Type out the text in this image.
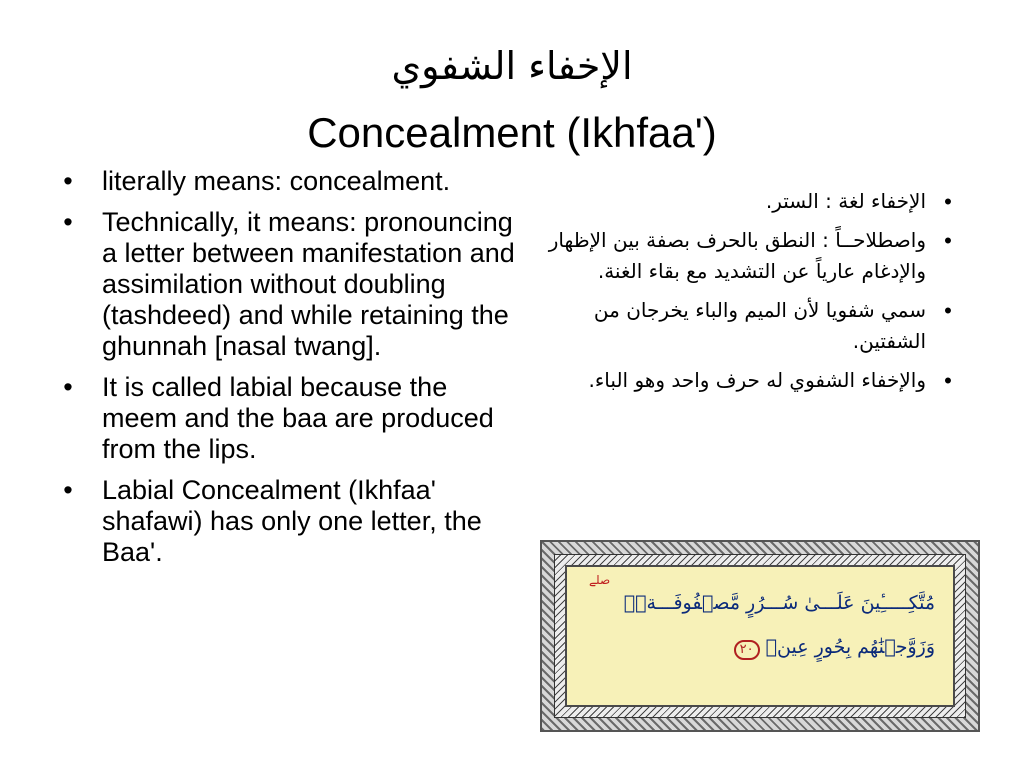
الإخفاء الشفوي
Concealment (Ikhfaa')
• literally means: concealment.
• Technically, it means: pronouncing a letter between manifestation and assimilation without doubling (tashdeed) and while retaining the ghunnah [nasal twang].
• It is called labial because the meem and the baa are produced from the lips.
• Labial Concealment (Ikhfaa' shafawi) has only one letter, the Baa'.
•
الإخفاء لغة : الستر.
•
واصطلاحــاً : النطق بالحرف بصفة بين الإظهار والإدغام عارياً عن التشديد مع بقاء الغنة.
•
سمي شفويا لأن الميم والباء يخرجان من الشفتين.
•
والإخفاء الشفوي له حرف واحد وهو الباء.
صلے
مُتَّكِـــــِٔينَ عَلَـــىٰ سُـــرُرٍ مَّصۡفُوفَـــةٖۖ
وَزَوَّجۡنَٰهُم بِحُورٍ عِينٖ٢٠
